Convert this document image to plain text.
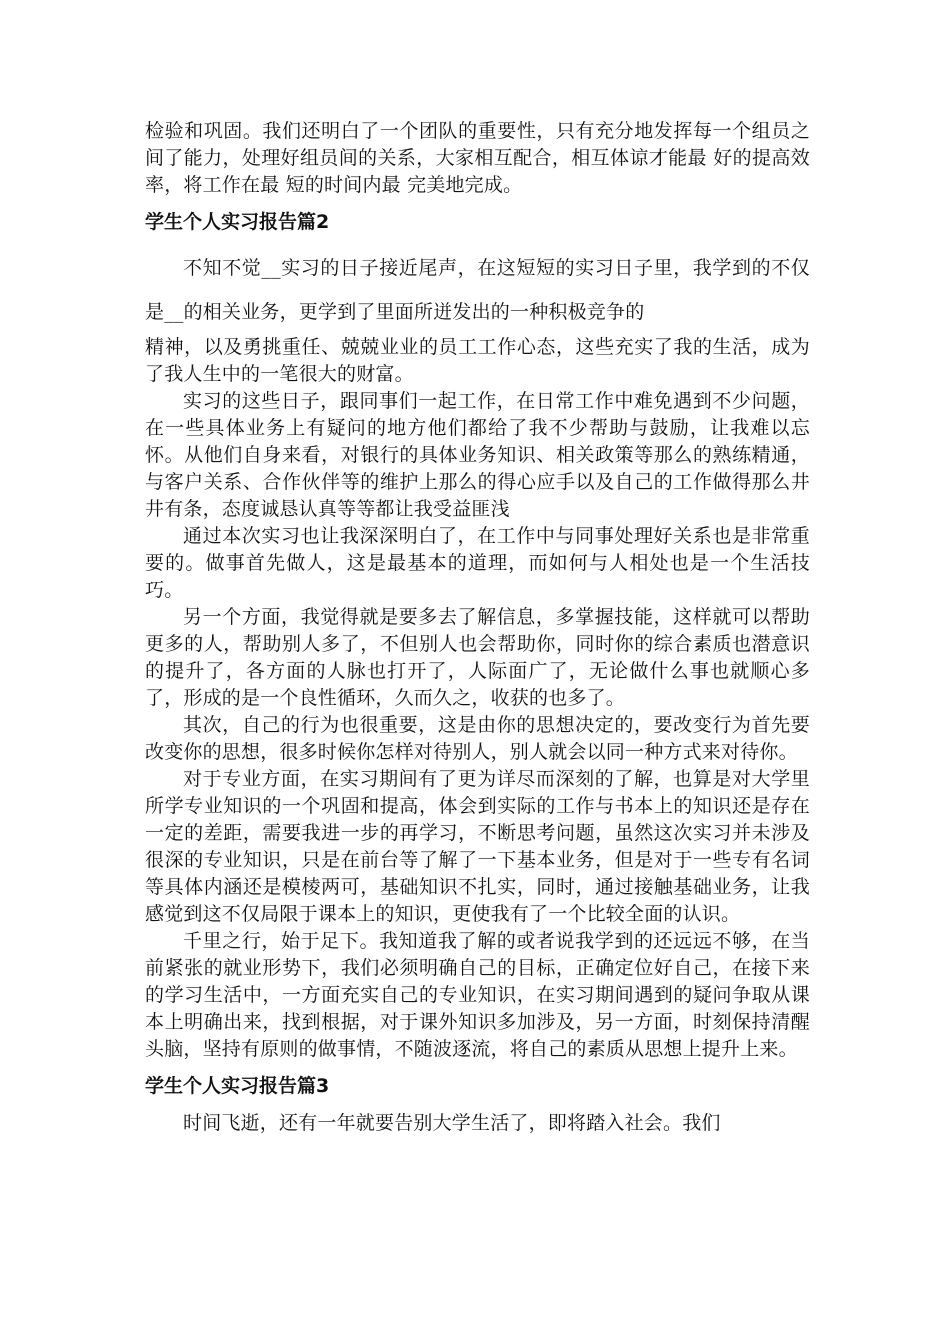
检验和巩固。我们还明白了一个团队的重要性，只有充分地发挥每一个组员之间了能力，处理好组员间的关系，大家相互配合，相互体谅才能最 好的提高效率，将工作在最 短的时间内最 完美地完成。

学生个人实习报告篇2

不知不觉__实习的日子接近尾声，在这短短的实习日子里，我学到的不仅是__的相关业务，更学到了里面所迸发出的一种积极竞争的

精神，以及勇挑重任、兢兢业业的员工工作心态，这些充实了我的生活，成为了我人生中的一笔很大的财富。

实习的这些日子，跟同事们一起工作，在日常工作中难免遇到不少问题，在一些具体业务上有疑问的地方他们都给了我不少帮助与鼓励，让我难以忘怀。从他们自身来看，对银行的具体业务知识、相关政策等那么的熟练精通，与客户关系、合作伙伴等的维护上那么的得心应手以及自己的工作做得那么井井有条，态度诚恳认真等等都让我受益匪浅

通过本次实习也让我深深明白了，在工作中与同事处理好关系也是非常重要的。做事首先做人，这是最基本的道理，而如何与人相处也是一个生活技巧。

另一个方面，我觉得就是要多去了解信息，多掌握技能，这样就可以帮助更多的人，帮助别人多了，不但别人也会帮助你，同时你的综合素质也潜意识的提升了，各方面的人脉也打开了，人际面广了，无论做什么事也就顺心多了，形成的是一个良性循环，久而久之，收获的也多了。

其次，自己的行为也很重要，这是由你的思想决定的，要改变行为首先要改变你的思想，很多时候你怎样对待别人，别人就会以同一种方式来对待你。

对于专业方面，在实习期间有了更为详尽而深刻的了解，也算是对大学里所学专业知识的一个巩固和提高，体会到实际的工作与书本上的知识还是存在一定的差距，需要我进一步的再学习，不断思考问题，虽然这次实习并未涉及很深的专业知识，只是在前台等了解了一下基本业务，但是对于一些专有名词等具体内涵还是模棱两可，基础知识不扎实，同时，通过接触基础业务，让我感觉到这不仅局限于课本上的知识，更使我有了一个比较全面的认识。

千里之行，始于足下。我知道我了解的或者说我学到的还远远不够，在当前紧张的就业形势下，我们必须明确自己的目标，正确定位好自己，在接下来的学习生活中，一方面充实自己的专业知识，在实习期间遇到的疑问争取从课本上明确出来，找到根据，对于课外知识多加涉及，另一方面，时刻保持清醒头脑，坚持有原则的做事情，不随波逐流，将自己的素质从思想上提升上来。

学生个人实习报告篇3

时间飞逝，还有一年就要告别大学生活了，即将踏入社会。我们
